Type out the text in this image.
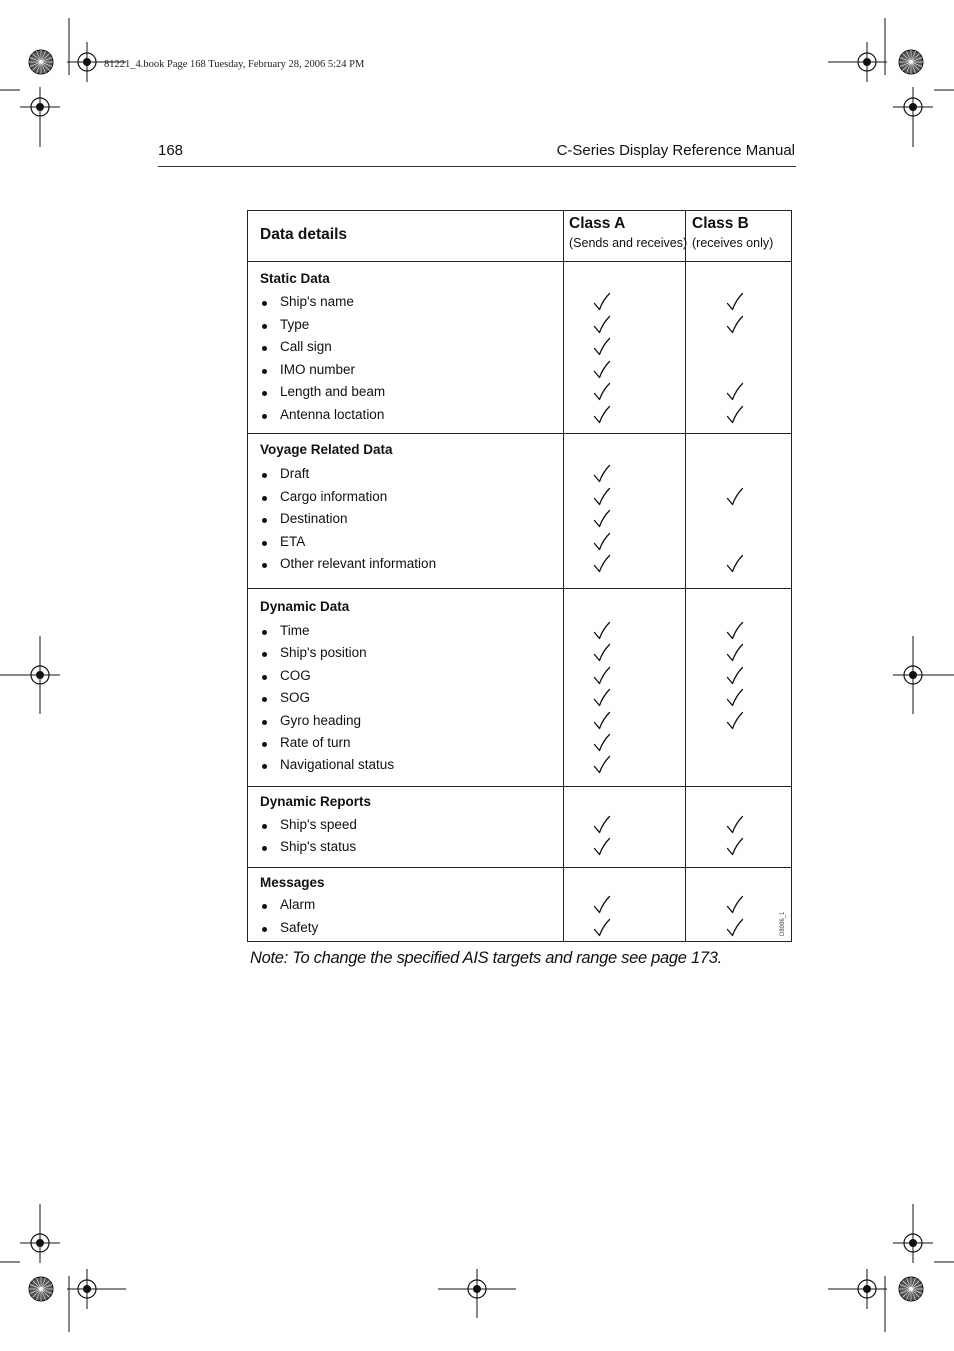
81221_4.book Page 168 Tuesday, February 28, 2006 5:24 PM
168	C-Series Display Reference Manual
Data details
Class A
(Sends and receives)
Class B
(receives only)
D8986_1
Static Data
Ship's name
Type
Call sign
IMO number
Length and beam
Antenna loctation
Voyage Related Data
Draft
Cargo information
Destination
ETA
Other relevant information
Dynamic Data
Time
Ship's position
COG
SOG
Gyro heading
Rate of turn
Navigational status
Dynamic Reports
Ship's speed
Ship's status
Messages
Alarm
Safety
Note: To change the specified AIS targets and range see page 173.
